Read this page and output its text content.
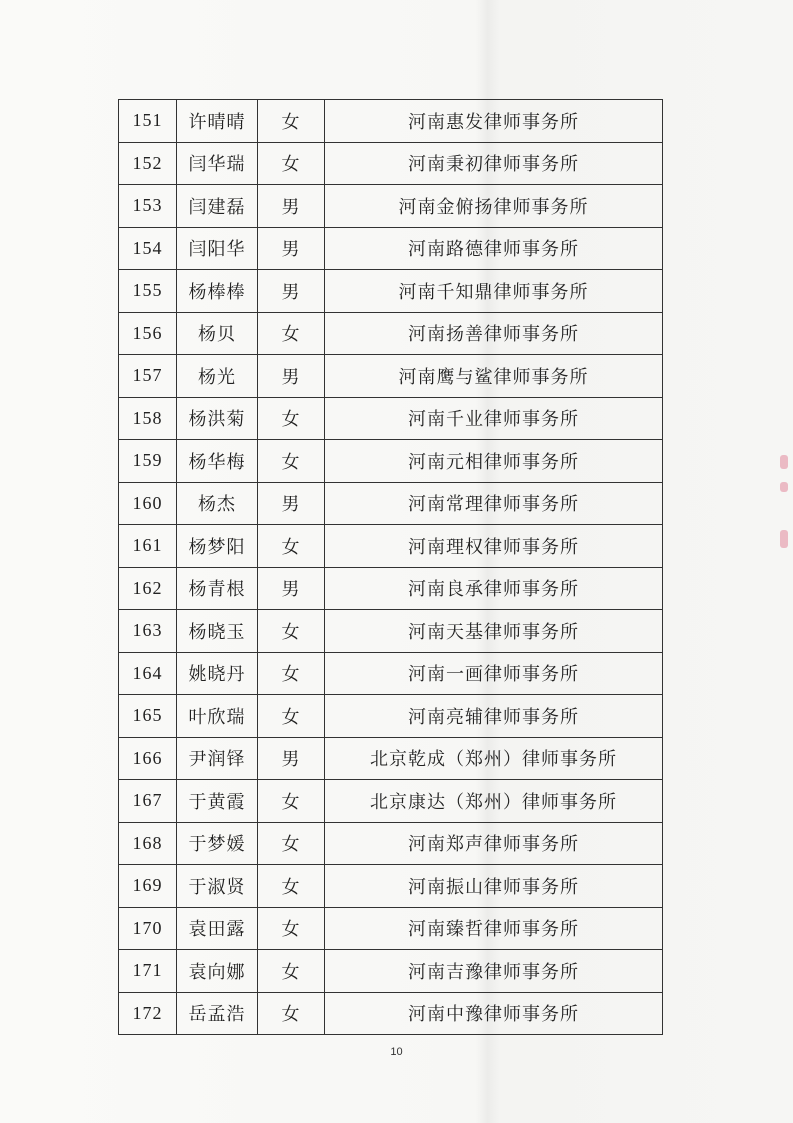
151	许晴晴	女	河南惠发律师事务所
152	闫华瑞	女	河南秉初律师事务所
153	闫建磊	男	河南金俯扬律师事务所
154	闫阳华	男	河南路德律师事务所
155	杨棒棒	男	河南千知鼎律师事务所
156	杨贝	女	河南扬善律师事务所
157	杨光	男	河南鹰与鲨律师事务所
158	杨洪菊	女	河南千业律师事务所
159	杨华梅	女	河南元相律师事务所
160	杨杰	男	河南常理律师事务所
161	杨梦阳	女	河南理权律师事务所
162	杨青根	男	河南良承律师事务所
163	杨晓玉	女	河南天基律师事务所
164	姚晓丹	女	河南一画律师事务所
165	叶欣瑞	女	河南亮辅律师事务所
166	尹润铎	男	北京乾成（郑州）律师事务所
167	于黄霞	女	北京康达（郑州）律师事务所
168	于梦媛	女	河南郑声律师事务所
169	于淑贤	女	河南振山律师事务所
170	袁田露	女	河南臻哲律师事务所
171	袁向娜	女	河南吉豫律师事务所
172	岳孟浩	女	河南中豫律师事务所
10
